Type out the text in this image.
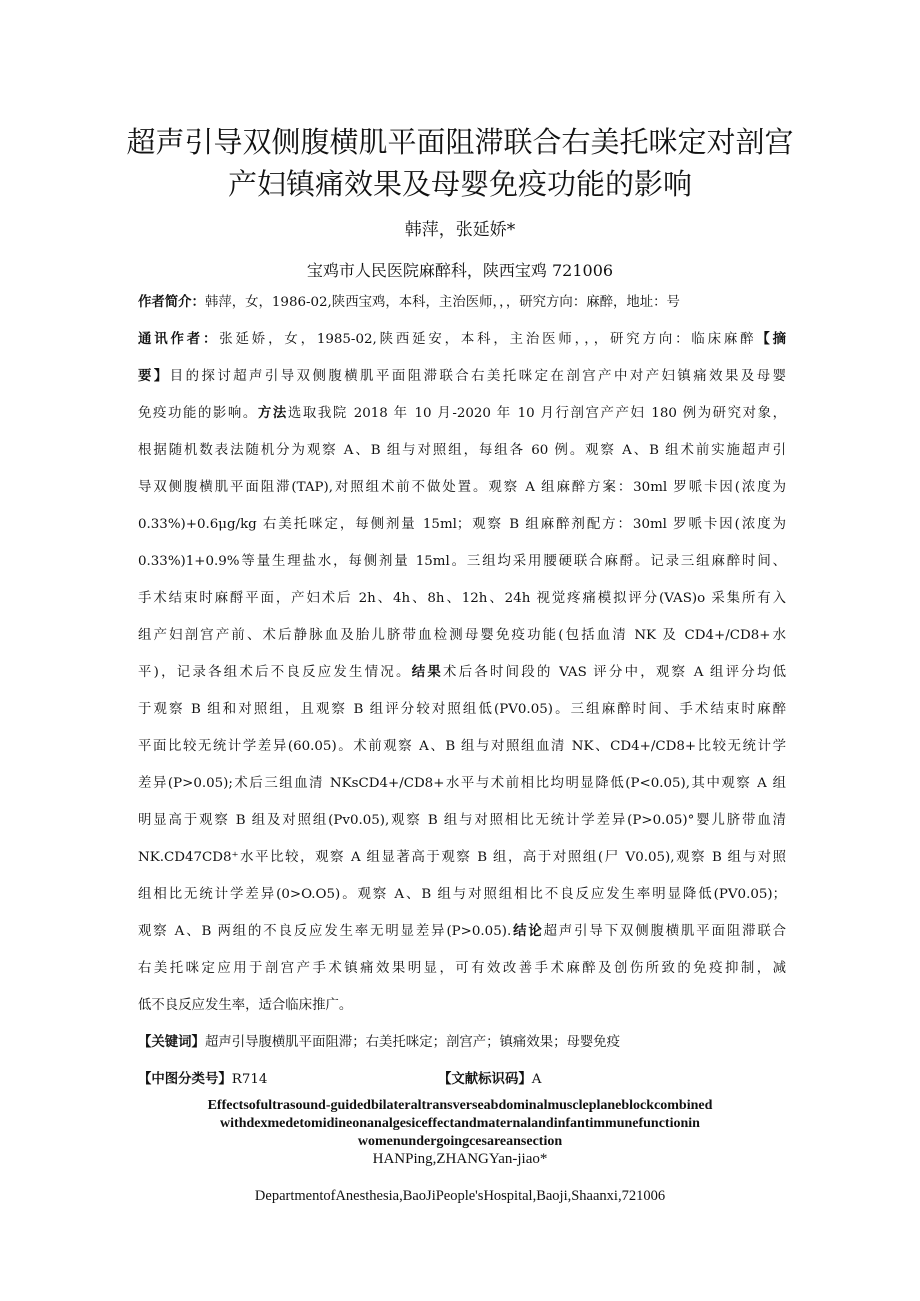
超声引导双侧腹横肌平面阻滞联合右美托咪定对剖宫
产妇镇痛效果及母婴免疫功能的影响
韩萍，张延娇*
宝鸡市人民医院麻醉科，陕西宝鸡 721006
作者简介：韩萍，女，1986-02,陕西宝鸡，本科，主治医师，，，研究方向：麻醉，地址：号
通讯作者：张延娇，女，1985-02,陕西延安，本科，主治医师，，，研究方向：临床麻醉【摘
要】目的探讨超声引导双侧腹横肌平面阻滞联合右美托咪定在剖宫产中对产妇镇痛效果及母婴
免疫功能的影响。方法选取我院 2018 年 10 月-2020 年 10 月行剖宫产产妇 180 例为研究对象，
根据随机数表法随机分为观察 A、B 组与对照组，每组各 60 例。观察 A、B 组术前实施超声引
导双侧腹横肌平面阻滞(TAP),对照组术前不做处置。观察 A 组麻醉方案：30ml 罗哌卡因(浓度为
0.33%)+0.6μg/kg 右美托咪定，每侧剂量 15ml；观察 B 组麻醉剂配方：30ml 罗哌卡因(浓度为
0.33%)1+0.9%等量生理盐水，每侧剂量 15ml。三组均采用腰硬联合麻酹。记录三组麻醉时间、
手术结束时麻酹平面，产妇术后 2h、4h、8h、12h、24h 视觉疼痛模拟评分(VAS)o 采集所有入
组产妇剖宫产前、术后静脉血及胎儿脐带血检测母婴免疫功能(包括血清 NK 及 CD4+∕CD8+水
平)，记录各组术后不良反应发生情况。结果术后各时间段的 VAS 评分中，观察 A 组评分均低
于观察 B 组和对照组，且观察 B 组评分较对照组低(PV0.05)。三组麻醉时间、手术结束时麻醉
平面比较无统计学差异(60.05)。术前观察 A、B 组与对照组血清 NK、CD4+∕CD8+比较无统计学
差异(P>0.05);术后三组血清 NKsCD4+∕CD8+水平与术前相比均明显降低(P<0.05),其中观察 A 组
明显高于观察 B 组及对照组(Pv0.05),观察 B 组与对照相比无统计学差异(P>0.05)°婴儿脐带血清
NK.CD47CD8⁺水平比较，观察 A 组显著高于观察 B 组，高于对照组(尸 V0.05),观察 B 组与对照
组相比无统计学差异(0>O.O5)。观察 A、B 组与对照组相比不良反应发生率明显降低(PV0.05)；
观察 A、B 两组的不良反应发生率无明显差异(P>0.05).结论超声引导下双侧腹横肌平面阻滞联合
右美托咪定应用于剖宫产手术镇痛效果明显，可有效改善手术麻醉及创伤所致的免疫抑制，减
低不良反应发生率，适合临床推广。
【关键词】超声引导腹横肌平面阻滞；右美托咪定；剖宫产；镇痛效果；母婴免疫
【中图分类号】R714	【文献标识码】A
Effectsofultrasound-guidedbilateraltransverseabdominalmuscleplaneblockcombined
withdexmedetomidineonanalgesiceffectandmaternalandinfantimmunefunctionin
womenundergoingcesareansection
HANPing,ZHANGYan-jiao*
DepartmentofAnesthesia,BaoJiPeople'sHospital,Baoji,Shaanxi,721006
